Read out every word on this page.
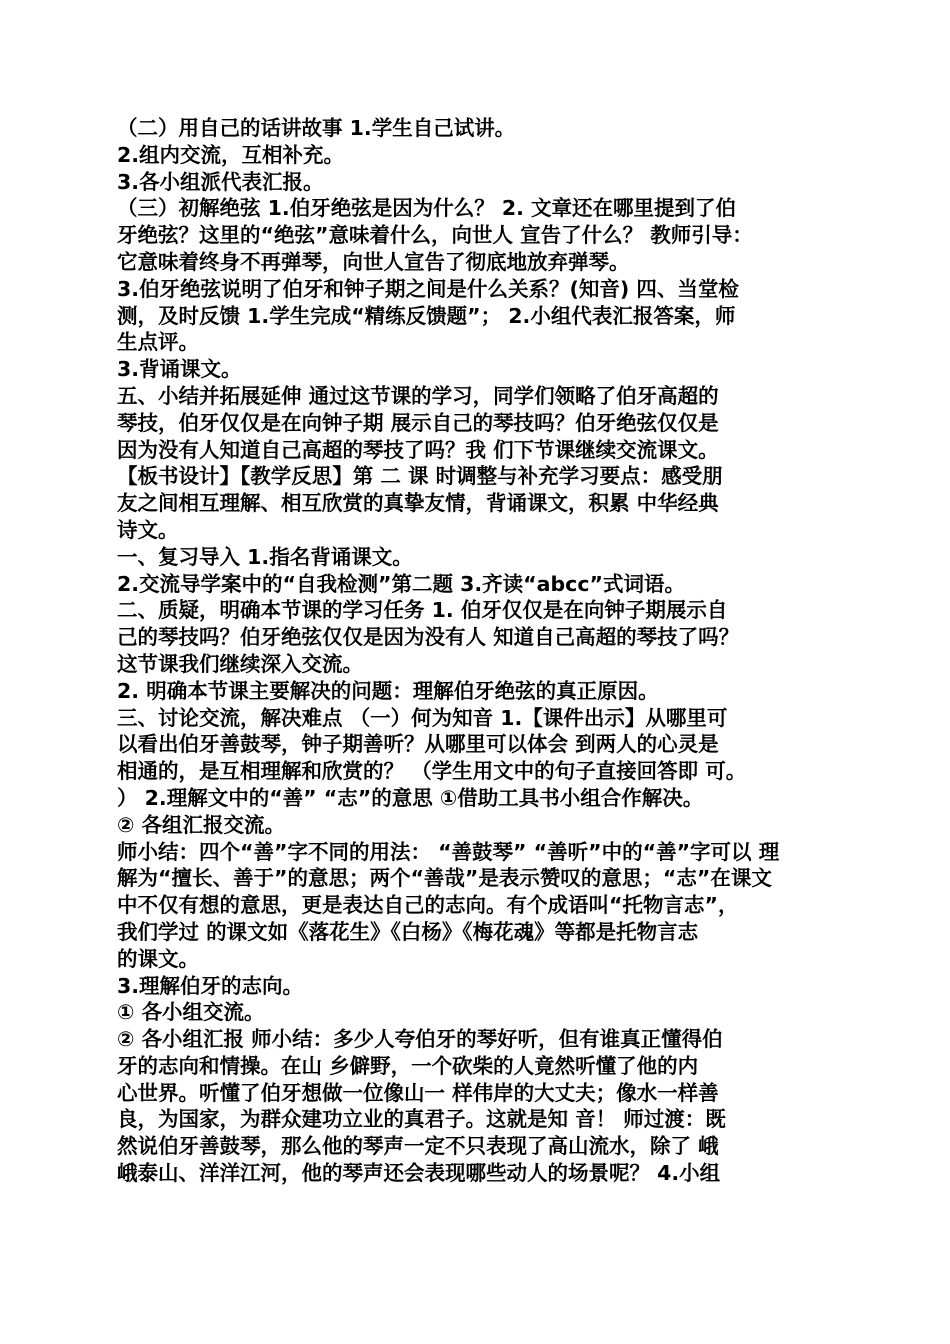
（二）用自己的话讲故事 1.学生自己试讲。
2.组内交流，互相补充。
3.各小组派代表汇报。
（三）初解绝弦 1.伯牙绝弦是因为什么？ 2. 文章还在哪里提到了伯
牙绝弦？这里的“绝弦”意味着什么，向世人 宣告了什么？ 教师引导：
它意味着终身不再弹琴，向世人宣告了彻底地放弃弹琴。
3.伯牙绝弦说明了伯牙和钟子期之间是什么关系？(知音) 四、当堂检
测，及时反馈 1.学生完成“精练反馈题”； 2.小组代表汇报答案，师
生点评。
3.背诵课文。
五、小结并拓展延伸 通过这节课的学习，同学们领略了伯牙高超的
琴技，伯牙仅仅是在向钟子期 展示自己的琴技吗？伯牙绝弦仅仅是
因为没有人知道自己高超的琴技了吗？我 们下节课继续交流课文。
【板书设计】【教学反思】第 二 课 时调整与补充学习要点：感受朋
友之间相互理解、相互欣赏的真挚友情，背诵课文，积累 中华经典
诗文。
一、复习导入 1.指名背诵课文。
2.交流导学案中的“自我检测”第二题 3.齐读“abcc”式词语。
二、质疑，明确本节课的学习任务 1. 伯牙仅仅是在向钟子期展示自
己的琴技吗？伯牙绝弦仅仅是因为没有人 知道自己高超的琴技了吗？
这节课我们继续深入交流。
2. 明确本节课主要解决的问题：理解伯牙绝弦的真正原因。
三、讨论交流，解决难点 （一）何为知音 1.【课件出示】从哪里可
以看出伯牙善鼓琴，钟子期善听？从哪里可以体会 到两人的心灵是
相通的，是互相理解和欣赏的？ （学生用文中的句子直接回答即 可。
） 2.理解文中的“善” “志”的意思 ①借助工具书小组合作解决。
② 各组汇报交流。
师小结：四个“善”字不同的用法： “善鼓琴” “善听”中的“善”字可以 理
解为“擅长、善于”的意思；两个“善哉”是表示赞叹的意思；“志”在课文
中不仅有想的意思，更是表达自己的志向。有个成语叫“托物言志”，
我们学过 的课文如《落花生》《白杨》《梅花魂》等都是托物言志
的课文。
3.理解伯牙的志向。
① 各小组交流。
② 各小组汇报 师小结：多少人夸伯牙的琴好听，但有谁真正懂得伯
牙的志向和情操。在山 乡僻野，一个砍柴的人竟然听懂了他的内
心世界。听懂了伯牙想做一位像山一 样伟岸的大丈夫；像水一样善
良，为国家，为群众建功立业的真君子。这就是知 音！ 师过渡：既
然说伯牙善鼓琴，那么他的琴声一定不只表现了高山流水，除了 峨
峨泰山、洋洋江河，他的琴声还会表现哪些动人的场景呢？ 4.小组
